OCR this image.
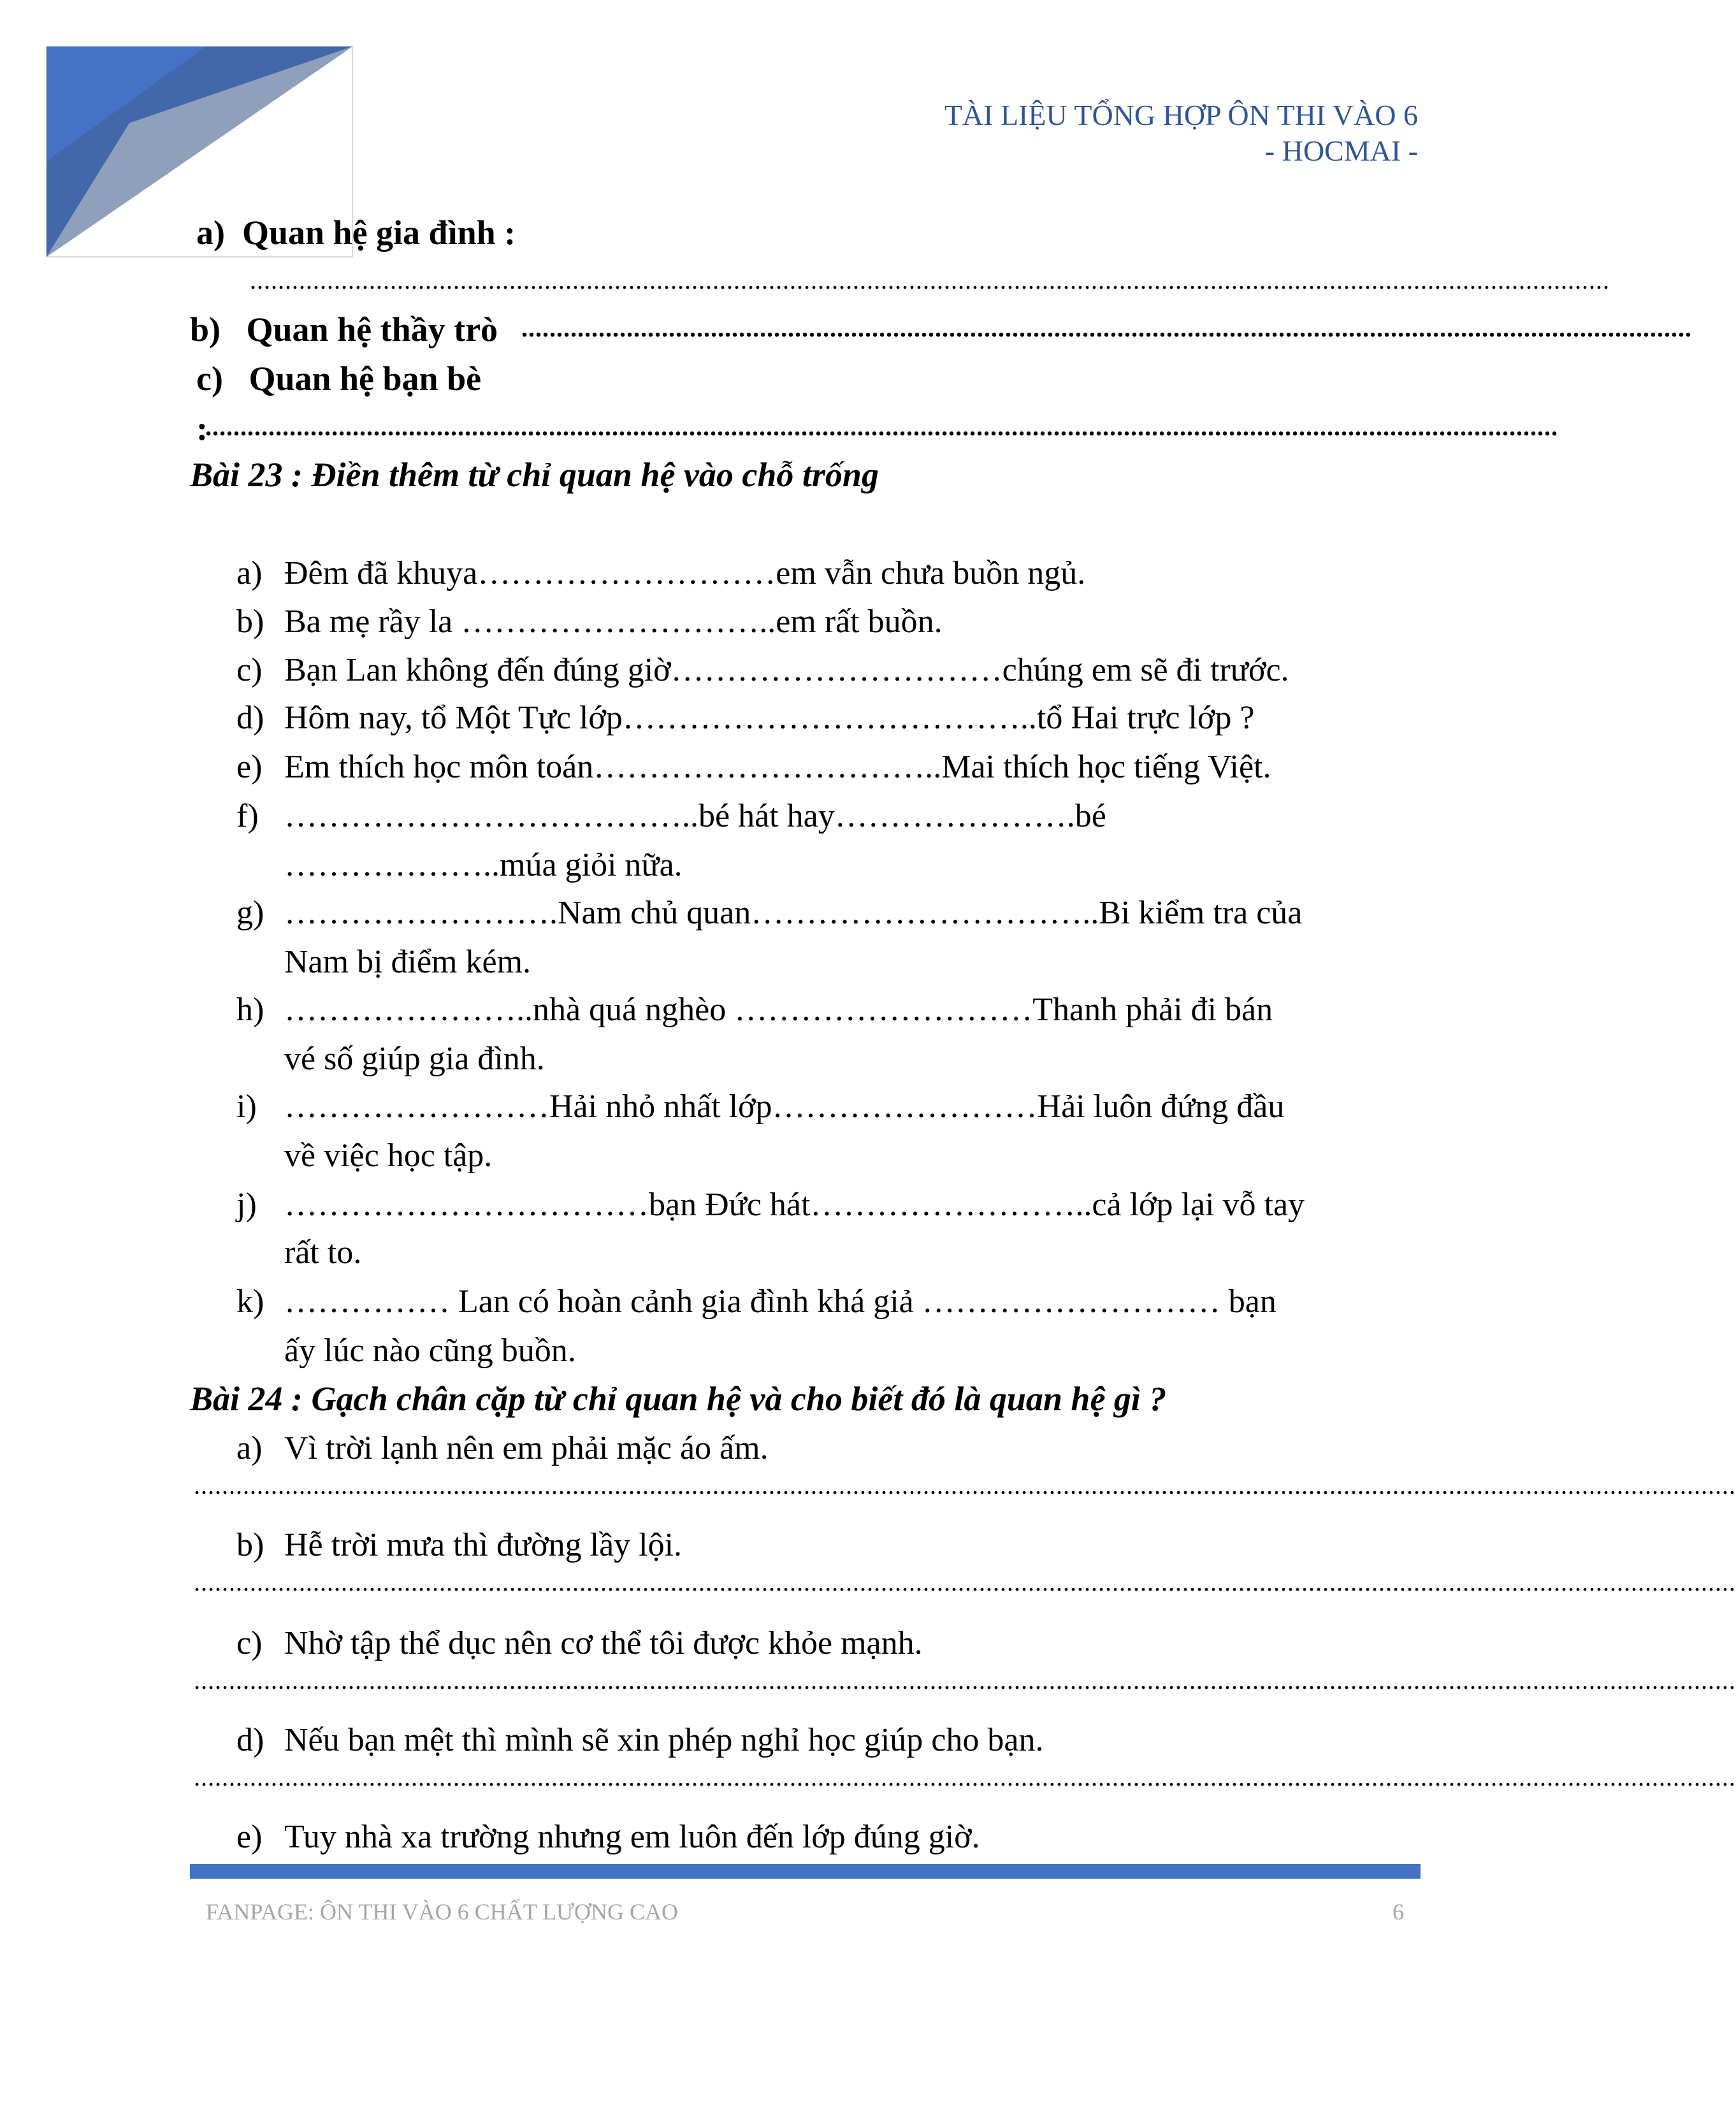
TÀI LIỆU TỔNG HỢP ÔN THI VÀO 6
- HOCMAI -
a) Quan hệ gia đình :
..................................................................................................................................................................................................
b) Quan hệ thầy trò .......................................................................................................................................................................
c) Quan hệ bạn bè
:
.................................................................................................................................................................................................
Bài 23 : Điền thêm từ chỉ quan hệ vào chỗ trống
a) Đêm đã khuya………………………em vẫn chưa buồn ngủ.
b) Ba mẹ rầy la ………………………..em rất buồn.
c) Bạn Lan không đến đúng giờ…………………………chúng em sẽ đi trước.
d) Hôm nay, tổ Một Tực lớp………………………………..tổ Hai trực lớp ?
e) Em thích học môn toán…………………………..Mai thích học tiếng Việt.
f) ………………………………..bé hát hay………………….bé
………………..múa giỏi nữa.
g) …………………….Nam chủ quan…………………………..Bi kiểm tra của
Nam bị điểm kém.
h) …………………..nhà quá nghèo ………………………Thanh phải đi bán
vé số giúp gia đình.
i) ……………………Hải nhỏ nhất lớp……………………Hải luôn đứng đầu
về việc học tập.
j) ……………………………bạn Đức hát……………………..cả lớp lại vỗ tay
rất to.
k) …………… Lan có hoàn cảnh gia đình khá giả ……………………… bạn
ấy lúc nào cũng buồn.
Bài 24 : Gạch chân cặp từ chỉ quan hệ và cho biết đó là quan hệ gì ?
a) Vì trời lạnh nên em phải mặc áo ấm.
............................................................................................................................................................................................................................
b) Hễ trời mưa thì đường lầy lội.
............................................................................................................................................................................................................................
c) Nhờ tập thể dục nên cơ thể tôi được khỏe mạnh.
............................................................................................................................................................................................................................
d) Nếu bạn mệt thì mình sẽ xin phép nghỉ học giúp cho bạn.
............................................................................................................................................................................................................................
e) Tuy nhà xa trường nhưng em luôn đến lớp đúng giờ.
FANPAGE: ÔN THI VÀO 6 CHẤT LƯỢNG CAO	6
